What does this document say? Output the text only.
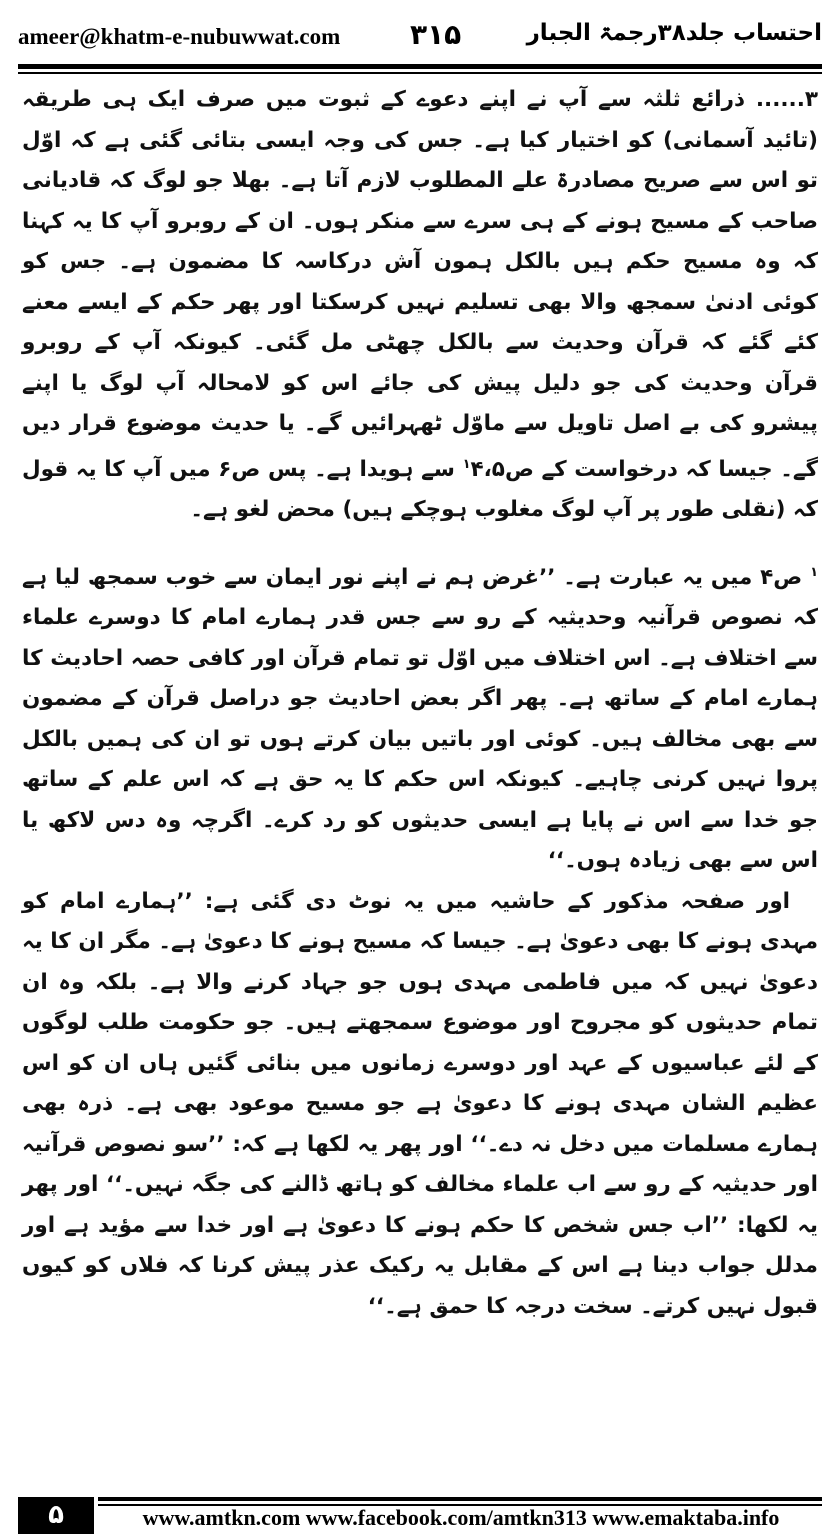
ameer@khatm-e-nubuwwat.com ۳۱۵	احتساب جلد۳۸رجمۃ الجبار

۳...... ذرائع ثلثہ سے آپ نے اپنے دعوے کے ثبوت میں صرف ایک ہی طریقہ (تائید آسمانی) کو اختیار کیا ہے۔ جس کی وجہ ایسی بتائی گئی ہے کہ اوّل تو اس سے صریح مصادرۃ علے المطلوب لازم آتا ہے۔ بھلا جو لوگ کہ قادیانی صاحب کے مسیح ہونے کے ہی سرے سے منکر ہوں۔ ان کے روبرو آپ کا یہ کہنا کہ وہ مسیح حکم ہیں بالکل ہمون آش درکاسہ کا مضمون ہے۔ جس کو کوئی ادنیٰ سمجھ والا بھی تسلیم نہیں کرسکتا اور پھر حکم کے ایسے معنے کئے گئے کہ قرآن وحدیث سے بالکل چھٹی مل گئی۔ کیونکہ آپ کے روبرو قرآن وحدیث کی جو دلیل پیش کی جائے اس کو لامحالہ آپ لوگ یا اپنے پیشرو کی بے اصل تاویل سے ماوّل ٹھہرائیں گے۔ یا حدیث موضوع قرار دیں گے۔ جیسا کہ درخواست کے ص$^۱$۴،۵ سے ہویدا ہے۔ پس ص۶ میں آپ کا یہ قول کہ (نقلی طور پر آپ لوگ مغلوب ہوچکے ہیں) محض لغو ہے۔

$^۱$ ص۴ میں یہ عبارت ہے۔ ’’غرض ہم نے اپنے نور ایمان سے خوب سمجھ لیا ہے کہ نصوص قرآنیہ وحدیثیہ کے رو سے جس قدر ہمارے امام کا دوسرے علماء سے اختلاف ہے۔ اس اختلاف میں اوّل تو تمام قرآن اور کافی حصہ احادیث کا ہمارے امام کے ساتھ ہے۔ پھر اگر بعض احادیث جو دراصل قرآن کے مضمون سے بھی مخالف ہیں۔ کوئی اور باتیں بیان کرتے ہوں تو ان کی ہمیں بالکل پروا نہیں کرنی چاہیے۔ کیونکہ اس حکم کا یہ حق ہے کہ اس علم کے ساتھ جو خدا سے اس نے پایا ہے ایسی حدیثوں کو رد کرے۔ اگرچہ وہ دس لاکھ یا اس سے بھی زیادہ ہوں۔‘‘

اور صفحہ مذکور کے حاشیہ میں یہ نوٹ دی گئی ہے: ’’ہمارے امام کو مہدی ہونے کا بھی دعویٰ ہے۔ جیسا کہ مسیح ہونے کا دعویٰ ہے۔ مگر ان کا یہ دعویٰ نہیں کہ میں فاطمی مہدی ہوں جو جہاد کرنے والا ہے۔ بلکہ وہ ان تمام حدیثوں کو مجروح اور موضوع سمجھتے ہیں۔ جو حکومت طلب لوگوں کے لئے عباسیوں کے عہد اور دوسرے زمانوں میں بنائی گئیں ہاں ان کو اس عظیم الشان مہدی ہونے کا دعویٰ ہے جو مسیح موعود بھی ہے۔ ذرہ بھی ہمارے مسلمات میں دخل نہ دے۔‘‘ اور پھر یہ لکھا ہے کہ: ’’سو نصوص قرآنیہ اور حدیثیہ کے رو سے اب علماء مخالف کو ہاتھ ڈالنے کی جگہ نہیں۔‘‘ اور پھر یہ لکھا: ’’اب جس شخص کا حکم ہونے کا دعویٰ ہے اور خدا سے مؤید ہے اور مدلل جواب دینا ہے اس کے مقابل یہ رکیک عذر پیش کرنا کہ فلاں کو کیوں قبول نہیں کرتے۔ سخت درجہ کا حمق ہے۔‘‘

۵	www.amtkn.com www.facebook.com/amtkn313 www.emaktaba.info
